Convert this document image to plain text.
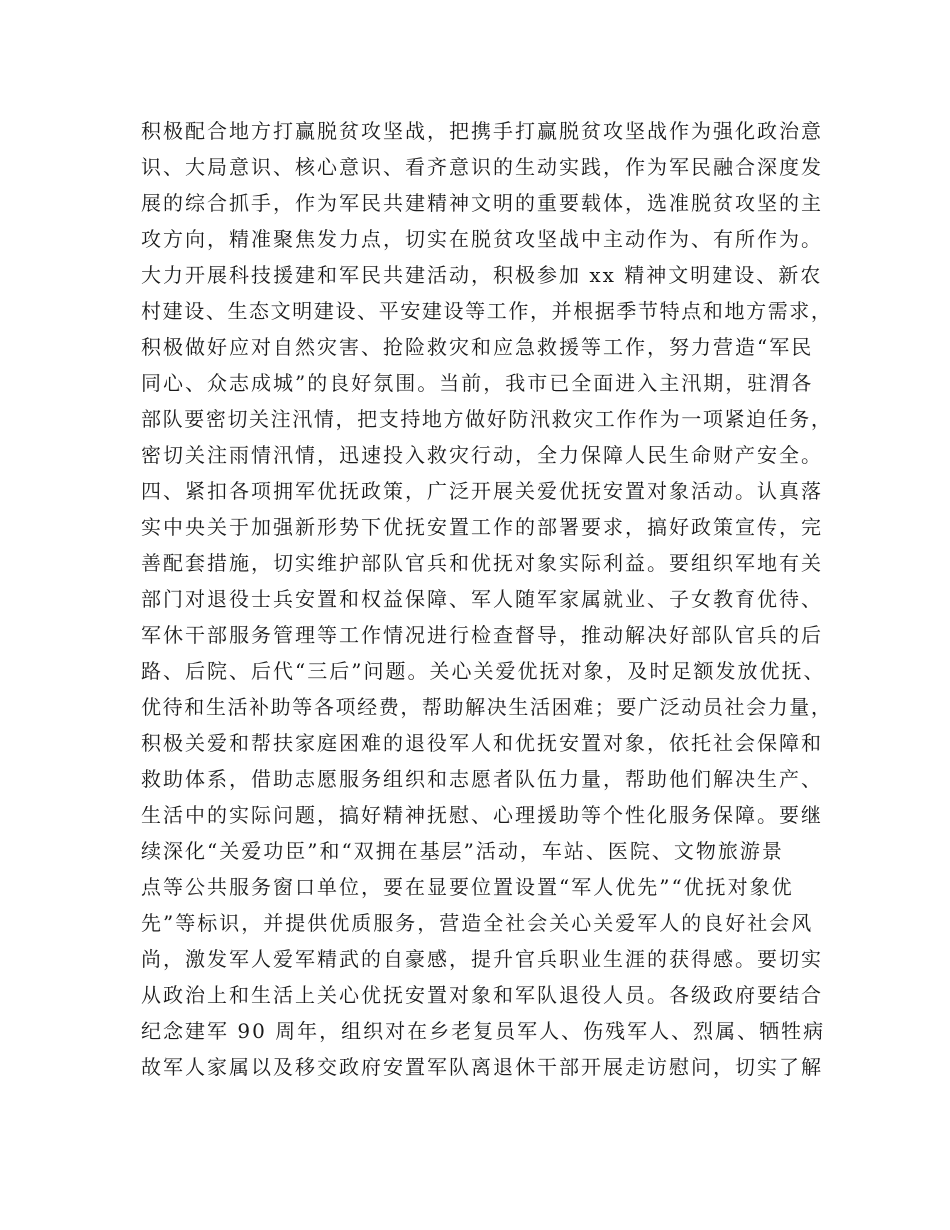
积极配合地方打赢脱贫攻坚战，把携手打赢脱贫攻坚战作为强化政治意
识、大局意识、核心意识、看齐意识的生动实践，作为军民融合深度发
展的综合抓手，作为军民共建精神文明的重要载体，选准脱贫攻坚的主
攻方向，精准聚焦发力点，切实在脱贫攻坚战中主动作为、有所作为。
大力开展科技援建和军民共建活动，积极参加 xx 精神文明建设、新农
村建设、生态文明建设、平安建设等工作，并根据季节特点和地方需求，
积极做好应对自然灾害、抢险救灾和应急救援等工作，努力营造“军民
同心、众志成城”的良好氛围。当前，我市已全面进入主汛期，驻渭各
部队要密切关注汛情，把支持地方做好防汛救灾工作作为一项紧迫任务，
密切关注雨情汛情，迅速投入救灾行动，全力保障人民生命财产安全。
四、紧扣各项拥军优抚政策，广泛开展关爱优抚安置对象活动。认真落
实中央关于加强新形势下优抚安置工作的部署要求，搞好政策宣传，完
善配套措施，切实维护部队官兵和优抚对象实际利益。要组织军地有关
部门对退役士兵安置和权益保障、军人随军家属就业、子女教育优待、
军休干部服务管理等工作情况进行检查督导，推动解决好部队官兵的后
路、后院、后代“三后”问题。关心关爱优抚对象，及时足额发放优抚、
优待和生活补助等各项经费，帮助解决生活困难；要广泛动员社会力量，
积极关爱和帮扶家庭困难的退役军人和优抚安置对象，依托社会保障和
救助体系，借助志愿服务组织和志愿者队伍力量，帮助他们解决生产、
生活中的实际问题，搞好精神抚慰、心理援助等个性化服务保障。要继
续深化“关爱功臣”和“双拥在基层”活动，车站、医院、文物旅游景
点等公共服务窗口单位，要在显要位置设置“军人优先”“优抚对象优
先”等标识，并提供优质服务，营造全社会关心关爱军人的良好社会风
尚，激发军人爱军精武的自豪感，提升官兵职业生涯的获得感。要切实
从政治上和生活上关心优抚安置对象和军队退役人员。各级政府要结合
纪念建军 90 周年，组织对在乡老复员军人、伤残军人、烈属、牺牲病
故军人家属以及移交政府安置军队离退休干部开展走访慰问，切实了解
